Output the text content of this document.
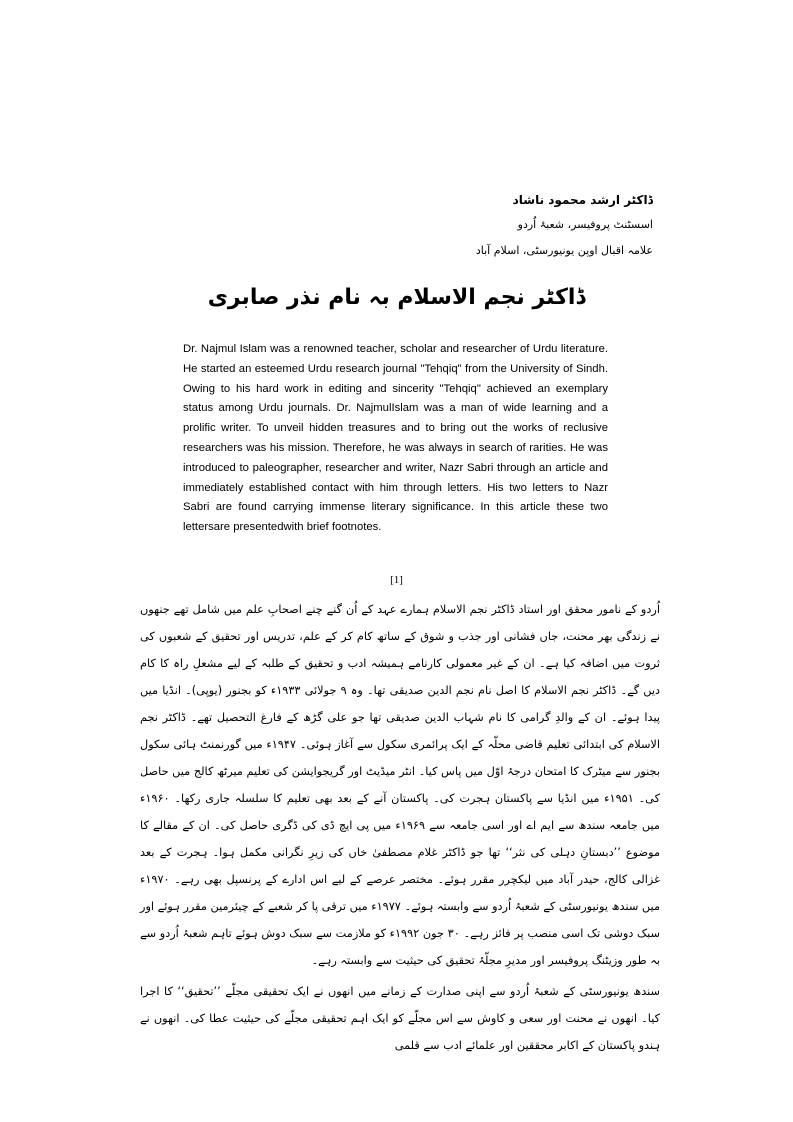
ڈاکٹر ارشد محمود ناشاد
اسسٹنٹ پروفیسر، شعبۂ اُردو
علامہ اقبال اوپن یونیورسٹی، اسلام آباد
ڈاکٹر نجم الاسلام بہ نام نذر صابری

Dr. Najmul Islam was a renowned teacher, scholar and researcher of Urdu literature. He started an esteemed Urdu research journal "Tehqiq" from the University of Sindh. Owing to his hard work in editing and sincerity "Tehqiq" achieved an exemplary status among Urdu journals. Dr. NajmulIslam was a man of wide learning and a prolific writer. To unveil hidden treasures and to bring out the works of reclusive researchers was his mission. Therefore, he was always in search of rarities. He was introduced to paleographer, researcher and writer, Nazr Sabri through an article and immediately established contact with him through letters. His two letters to Nazr Sabri are found carrying immense literary significance. In this article these two lettersare presentedwith brief footnotes.

[1]

اُردو کے نامور محقق اور استاد ڈاکٹر نجم الاسلام ہمارے عہد کے اُن گنے چنے اصحابِ علم میں شامل تھے جنھوں نے زندگی بھر محنت، جاں فشانی اور جذب و شوق کے ساتھ کام کر کے علم، تدریس اور تحقیق کے شعبوں کی ثروت میں اضافہ کیا ہے۔ ان کے غیر معمولی کارنامے ہمیشہ ادب و تحقیق کے طلبہ کے لیے مشعلِ راہ کا کام دیں گے۔ ڈاکٹر نجم الاسلام کا اصل نام نجم الدین صدیقی تھا۔ وہ ۹ جولائی ۱۹۳۳ء کو بجنور (یوپی)۔ انڈیا میں پیدا ہوئے۔ ان کے والدِ گرامی کا نام شہاب الدین صدیقی تھا جو علی گڑھ کے فارغ التحصیل تھے۔ ڈاکٹر نجم الاسلام کی ابتدائی تعلیم قاضی محلّہ کے ایک پرائمری سکول سے آغاز ہوئی۔ ۱۹۴۷ء میں گورنمنٹ ہائی سکول بجنور سے میٹرک کا امتحان درجۂ اوّل میں پاس کیا۔ انٹر میڈیٹ اور گریجوایشن کی تعلیم میرٹھ کالج میں حاصل کی۔ ۱۹۵۱ء میں انڈیا سے پاکستان ہجرت کی۔ پاکستان آنے کے بعد بھی تعلیم کا سلسلہ جاری رکھا۔ ۱۹۶۰ء میں جامعہ سندھ سے ایم اے اور اسی جامعہ سے ۱۹۶۹ء میں پی ایچ ڈی کی ڈگری حاصل کی۔ ان کے مقالے کا موضوع ’’دبستانِ دہلی کی نثر‘‘ تھا جو ڈاکٹر غلام مصطفیٰ خاں کی زیرِ نگرانی مکمل ہوا۔ ہجرت کے بعد غزالی کالج، حیدر آباد میں لیکچرر مقرر ہوئے۔ مختصر عرصے کے لیے اس ادارے کے پرنسپل بھی رہے۔ ۱۹۷۰ء میں سندھ یونیورسٹی کے شعبۂ اُردو سے وابستہ ہوئے۔ ۱۹۷۷ء میں ترقی پا کر شعبے کے چیئرمین مقرر ہوئے اور سبک دوشی تک اسی منصب پر فائز رہے۔ ۳۰ جون ۱۹۹۲ء کو ملازمت سے سبک دوش ہوئے تاہم شعبۂ اُردو سے بہ طور وزیٹنگ پروفیسر اور مدیرِ مجلّۂ تحقیق کی حیثیت سے وابستہ رہے۔

سندھ یونیورسٹی کے شعبۂ اُردو سے اپنی صدارت کے زمانے میں انھوں نے ایک تحقیقی مجلّے ’’تحقیق‘‘ کا اجرا کیا۔ انھوں نے محنت اور سعی و کاوش سے اس مجلّے کو ایک اہم تحقیقی مجلّے کی حیثیت عطا کی۔ انھوں نے ہندو پاکستان کے اکابر محققین اور علمائے ادب سے قلمی
